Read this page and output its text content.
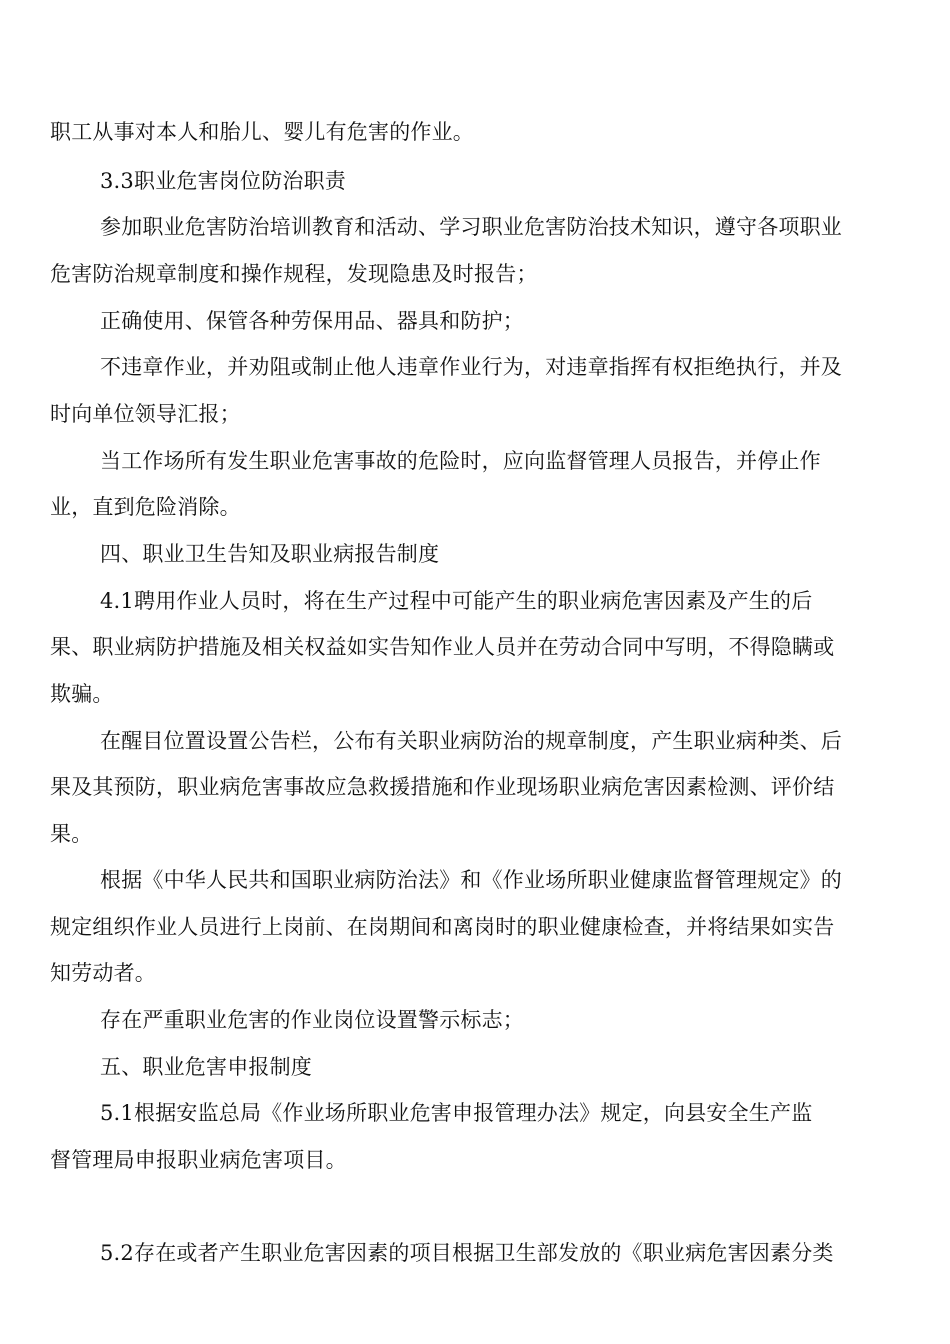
职工从事对本人和胎儿、婴儿有危害的作业。
3.3职业危害岗位防治职责
参加职业危害防治培训教育和活动、学习职业危害防治技术知识，遵守各项职业
危害防治规章制度和操作规程，发现隐患及时报告；
正确使用、保管各种劳保用品、器具和防护；
不违章作业，并劝阻或制止他人违章作业行为，对违章指挥有权拒绝执行，并及
时向单位领导汇报；
当工作场所有发生职业危害事故的危险时，应向监督管理人员报告，并停止作
业，直到危险消除。
四、职业卫生告知及职业病报告制度
4.1聘用作业人员时，将在生产过程中可能产生的职业病危害因素及产生的后
果、职业病防护措施及相关权益如实告知作业人员并在劳动合同中写明，不得隐瞒或
欺骗。
在醒目位置设置公告栏，公布有关职业病防治的规章制度，产生职业病种类、后
果及其预防，职业病危害事故应急救援措施和作业现场职业病危害因素检测、评价结
果。
根据《中华人民共和国职业病防治法》和《作业场所职业健康监督管理规定》的
规定组织作业人员进行上岗前、在岗期间和离岗时的职业健康检查，并将结果如实告
知劳动者。
存在严重职业危害的作业岗位设置警示标志；
五、职业危害申报制度
5.1根据安监总局《作业场所职业危害申报管理办法》规定，向县安全生产监
督管理局申报职业病危害项目。
5.2存在或者产生职业危害因素的项目根据卫生部发放的《职业病危害因素分类
